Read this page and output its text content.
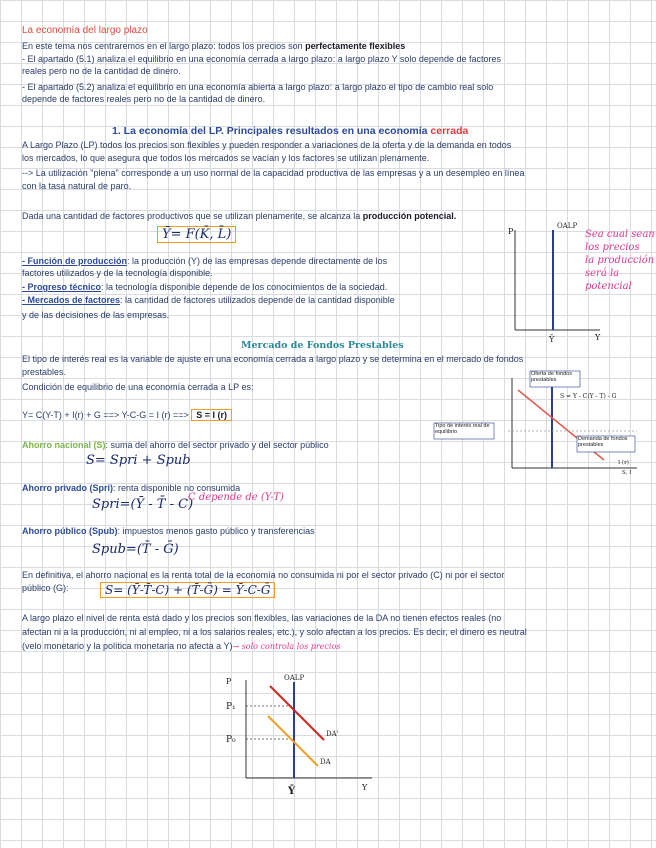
La economía del largo plazo
En este tema nos centraremos en el largo plazo: todos los precios son perfectamente flexibles
- El apartado (5.1) analiza el equilibrio en una economía cerrada a largo plazo: a largo plazo Y solo depende de factores
reales pero no de la cantidad de dinero.
- El apartado (5.2) analiza el equilibrio en una economía abierta a largo plazo: a largo plazo el tipo de cambio real solo
depende de factores reales pero no de la cantidad de dinero.
1. La economía del LP. Principales resultados en una economía cerrada
A Largo Plazo (LP) todos los precios son flexibles y pueden responder a variaciones de la oferta y de la demanda en todos
los mercados, lo que asegura que todos los mercados se vacían y los factores se utilizan plenamente.
--> La utilización "plena" corresponde a un uso normal de la capacidad productiva de las empresas y a un desempleo en línea
con la tasa natural de paro.
Dada una cantidad de factores productivos que se utilizan plenamente, se alcanza la producción potencial.
Ȳ= F(K̄, L̄)
- Función de producción: la producción (Y) de las empresas depende directamente de los
factores utilizados y de la tecnología disponible.
- Progreso técnico: la tecnología disponible depende de los conocimientos de la sociedad.
- Mercados de factores: la cantidad de factores utilizados depende de la cantidad disponible
y de las decisiones de las empresas.
P
Y
OALP
Ȳ
Sea cual sean
los precios
la producción
será la
potencial
Mercado de Fondos Prestables
El tipo de interés real es la variable de ajuste en una economía cerrada a largo plazo y se determina en el mercado de fondos
prestables.
Condición de equilibrio de una economía cerrada a LP es:
Y= C(Y-T) + I(r) + G ==> Y-C-G = I (r) ==> S = I (r)
Ahorro nacional (S): suma del ahorro del sector privado y del sector público
S= Spri + Spub
Ahorro privado (Spri): renta disponible no consumida
Spri=(Ȳ - T̄ - C)
C depende de (Y-T)
Ahorro público (Spub): impuestos menos gasto público y transferencias
Spub=(T̄ - Ḡ)
En definitiva, el ahorro nacional es la renta total de la economía no consumida ni por el sector privado (C) ni por el sector
público (G):	S= (Ȳ-T̄-C) + (T̄-Ḡ) = Ȳ-C-Ḡ
Oferta de fondos prestables
Tipo de interés real de equilibrio
Demanda de fondos prestables
S = Y - C(Y - T) - G
I (r)
S, I
A largo plazo el nivel de renta está dado y los precios son flexibles, las variaciones de la DA no tienen efectos reales (no
afectan ni a la producción, ni al empleo, ni a los salarios reales, etc.), y solo afectan a los precios. Es decir, el dinero es neutral
(velo monetario y la política monetaria no afecta a Y)→ solo controla los precios
P
Y
OALP
P₁
P₀
DA'
DA
Ȳ
